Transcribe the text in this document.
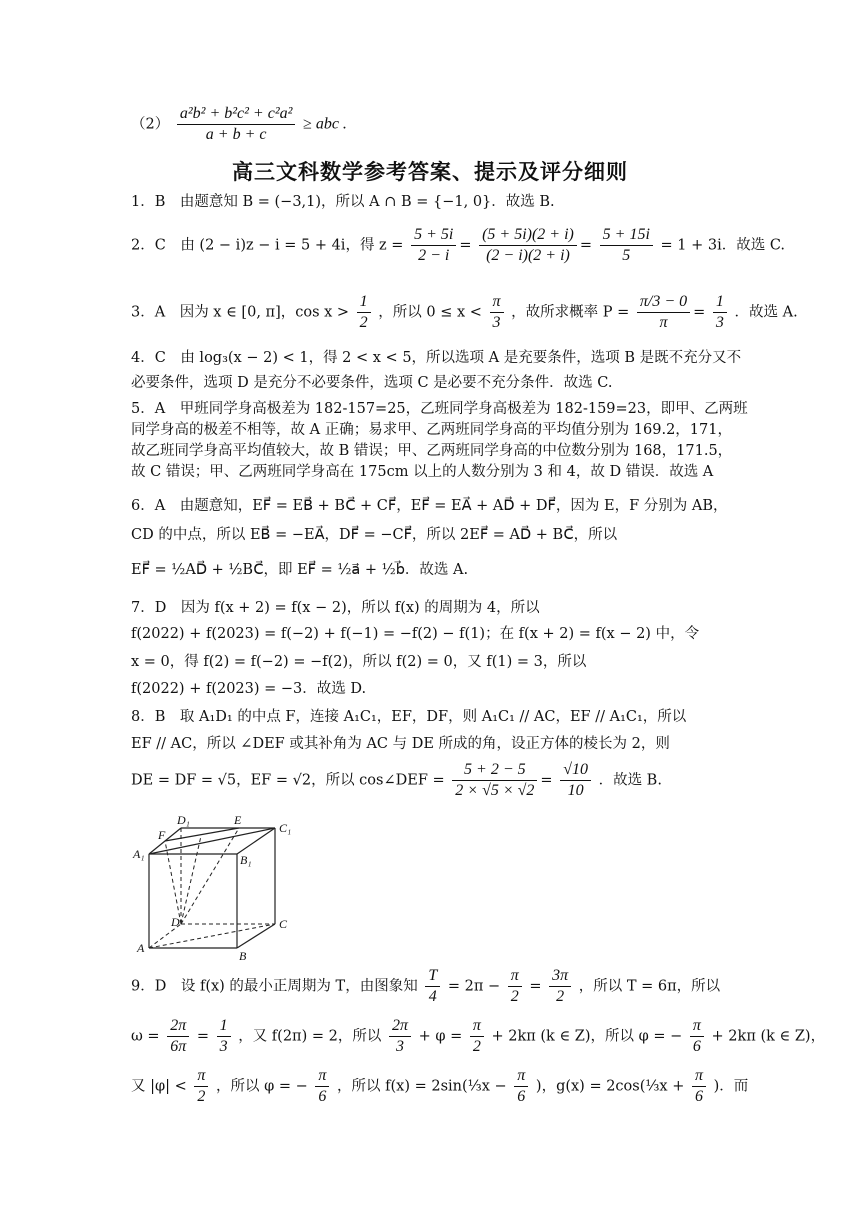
$(2) \frac{\text{a²b² + b²c² + c²a²}}{a + b + c}$ ≥ abc .
高三文科数学参考答案、提示及评分细则
1．B　由题意知 B = (−3,1)，所以 A ∩ B = {−1, 0}．故选 B.
2．C　由 (2 − i)z − i = 5 + 4i，得 $z = \frac{5 + 5i}{2 - i} = \frac{(5 + 5i)(2 + i)}{(2 - i)(2 + i)} = \frac{5 + 15i}{5} = 1 + 3i$．故选 C.
3．A　因为 x ∈ [0, π]，$\cos x > \frac{1}{2}$ ，所以 $0 \le x < \frac{\pi}{3}$ ，故所求概率 $P = \frac{\pi/3 - 0}{\pi} = \frac{1}{3}$ ．故选 A.
4．C　由 log₃(x − 2) < 1，得 2 < x < 5，所以选项 A 是充要条件，选项 B 是既不充分又不
必要条件，选项 D 是充分不必要条件，选项 C 是必要不充分条件．故选 C.
5．A　甲班同学身高极差为 182-157=25，乙班同学身高极差为 182-159=23，即甲、乙两班
同学身高的极差不相等，故 A 正确；易求甲、乙两班同学身高的平均值分别为 169.2，171，
故乙班同学身高平均值较大，故 B 错误；甲、乙两班同学身高的中位数分别为 168，171.5，
故 C 错误；甲、乙两班同学身高在 175cm 以上的人数分别为 3 和 4，故 D 错误．故选 A
6．A　由题意知，EF⃗ = EB⃗ + BC⃗ + CF⃗，EF⃗ = EA⃗ + AD⃗ + DF⃗，因为 E，F 分别为 AB，
CD 的中点，所以 EB⃗ = −EA⃗，DF⃗ = −CF⃗，所以 2EF⃗ = AD⃗ + BC⃗，所以
EF⃗ = ½AD⃗ + ½BC⃗，即 EF⃗ = ½a⃗ + ½b⃗．故选 A.
7．D　因为 f(x + 2) = f(x − 2)，所以 f(x) 的周期为 4，所以
f(2022) + f(2023) = f(−2) + f(−1) = −f(2) − f(1)；在 f(x + 2) = f(x − 2) 中，令
x = 0，得 f(2) = f(−2) = −f(2)，所以 f(2) = 0，又 f(1) = 3，所以
f(2022) + f(2023) = −3．故选 D.
8．B　取 A₁D₁ 的中点 F，连接 A₁C₁，EF，DF，则 A₁C₁ // AC，EF // A₁C₁，所以
EF // AC，所以 ∠DEF 或其补角为 AC 与 DE 所成的角，设正方体的棱长为 2，则
DE = DF = √5，EF = √2，所以 cos∠DEF = $\frac{5 + 2 - 5}{2 \times √5 \times √2} = \frac{√10}{10}$ ．故选 B.
D₁	E
C₁
F
A₁	B₁
D	C
A
B
9．D　设 f(x) 的最小正周期为 T，由图象知 $\frac{T}{4} = 2\pi - \frac{\pi}{2} = \frac{3\pi}{2}$ ，所以 T = 6π，所以
$\omega = \frac{2\pi}{6\pi} = \frac{1}{3}$ ，又 f(2π) = 2，所以 $\frac{2\pi}{3} + \varphi = \frac{\pi}{2} + 2k\pi$ (k ∈ Z)，所以 φ = − $\frac{\pi}{6} + 2k\pi$ (k ∈ Z)，
又 $|\varphi| < \frac{\pi}{2}$ ，所以 φ = − $\frac{\pi}{6}$ ，所以 f(x) = 2sin(⅓x − $\frac{\pi}{6}$ )，g(x) = 2cos(⅓x + $\frac{\pi}{6}$ )．而
